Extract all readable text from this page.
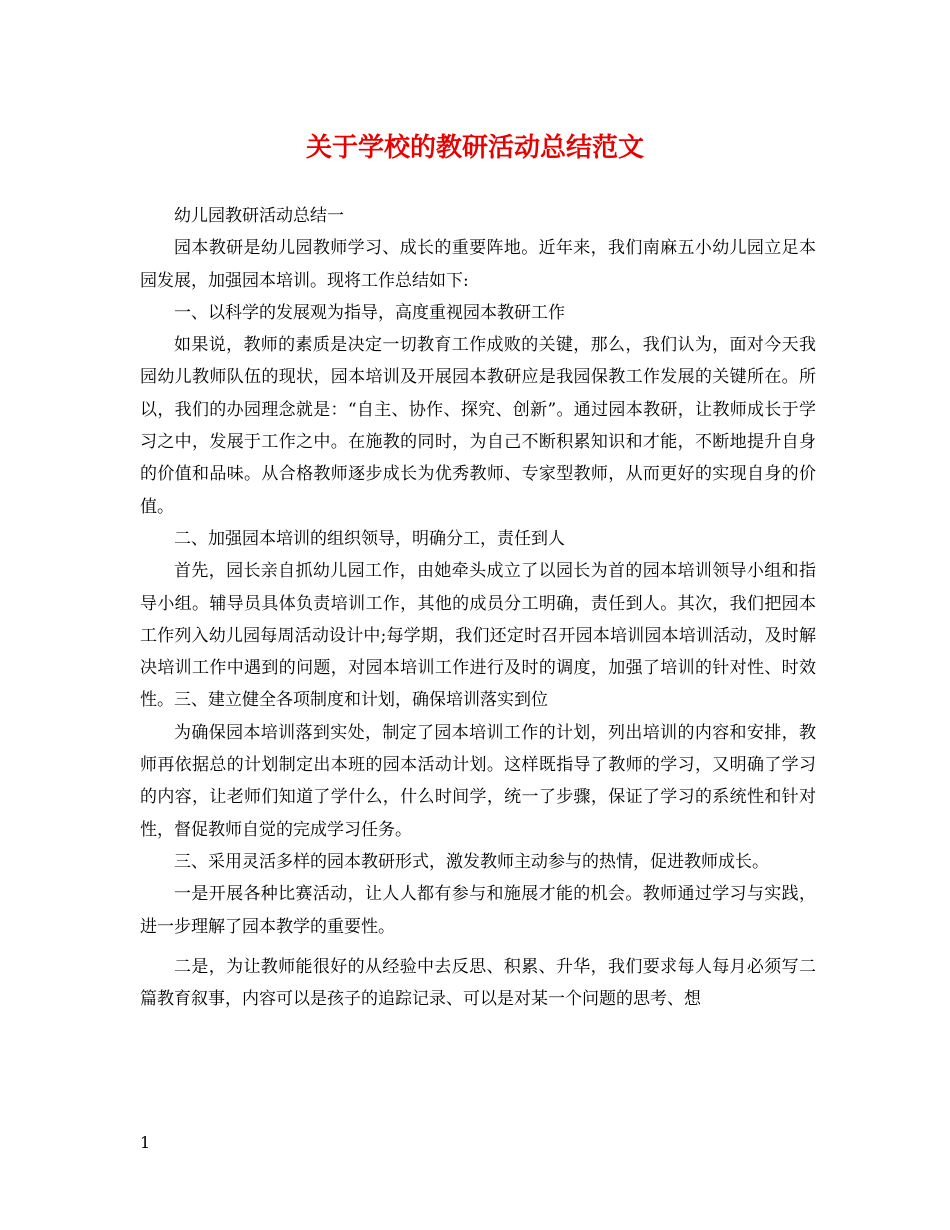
关于学校的教研活动总结范文

幼儿园教研活动总结一

园本教研是幼儿园教师学习、成长的重要阵地。近年来，我们南麻五小幼儿园立足本园发展，加强园本培训。现将工作总结如下:

一、以科学的发展观为指导，高度重视园本教研工作

如果说，教师的素质是决定一切教育工作成败的关键，那么，我们认为，面对今天我园幼儿教师队伍的现状，园本培训及开展园本教研应是我园保教工作发展的关键所在。所以，我们的办园理念就是：“自主、协作、探究、创新”。通过园本教研，让教师成长于学习之中，发展于工作之中。在施教的同时，为自己不断积累知识和才能，不断地提升自身的价值和品味。从合格教师逐步成长为优秀教师、专家型教师，从而更好的实现自身的价值。

二、加强园本培训的组织领导，明确分工，责任到人

首先，园长亲自抓幼儿园工作，由她牵头成立了以园长为首的园本培训领导小组和指导小组。辅导员具体负责培训工作，其他的成员分工明确，责任到人。其次，我们把园本工作列入幼儿园每周活动设计中;每学期，我们还定时召开园本培训园本培训活动，及时解决培训工作中遇到的问题，对园本培训工作进行及时的调度，加强了培训的针对性、时效性。三、建立健全各项制度和计划，确保培训落实到位

为确保园本培训落到实处，制定了园本培训工作的计划，列出培训的内容和安排，教师再依据总的计划制定出本班的园本活动计划。这样既指导了教师的学习，又明确了学习的内容，让老师们知道了学什么，什么时间学，统一了步骤，保证了学习的系统性和针对性，督促教师自觉的完成学习任务。

三、采用灵活多样的园本教研形式，激发教师主动参与的热情，促进教师成长。

一是开展各种比赛活动，让人人都有参与和施展才能的机会。教师通过学习与实践，进一步理解了园本教学的重要性。

二是，为让教师能很好的从经验中去反思、积累、升华，我们要求每人每月必须写二篇教育叙事，内容可以是孩子的追踪记录、可以是对某一个问题的思考、想

1
